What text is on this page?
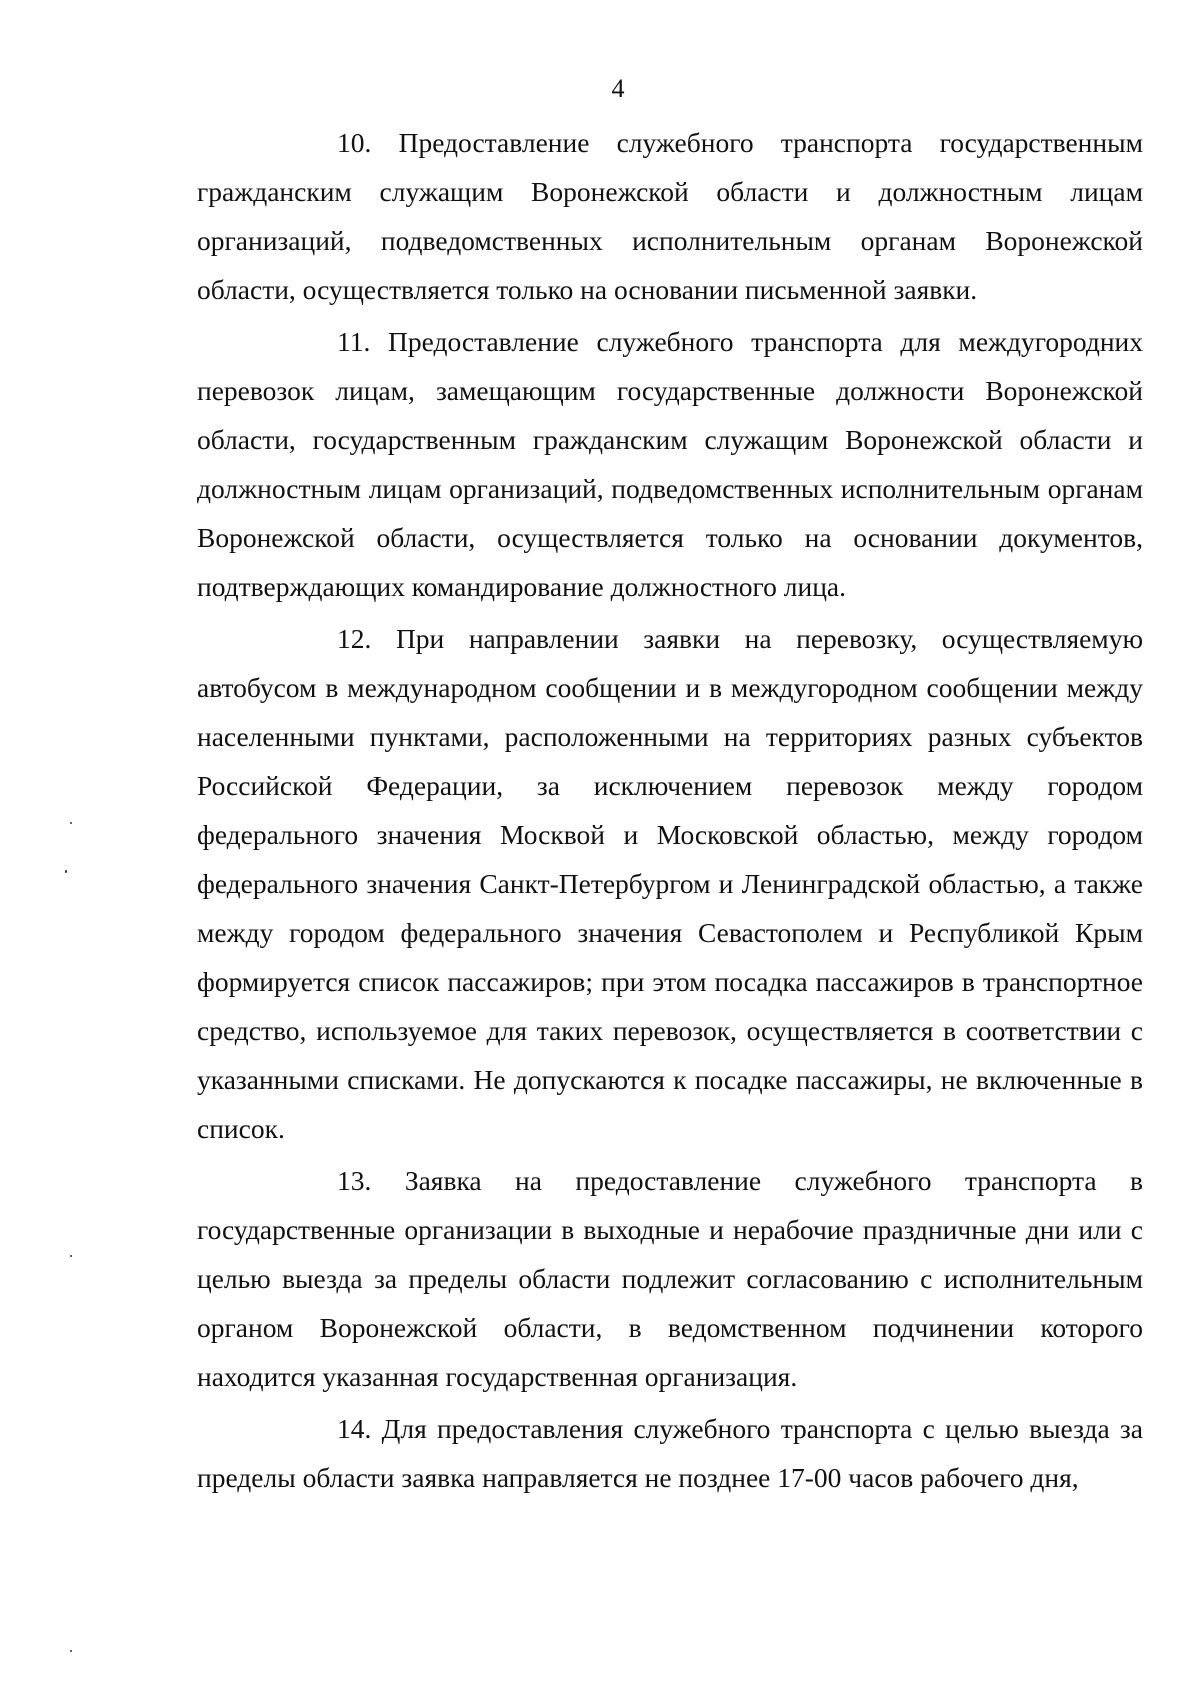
4

10. Предоставление служебного транспорта государственным гражданским служащим Воронежской области и должностным лицам организаций, подведомственных исполнительным органам Воронежской области, осуществляется только на основании письменной заявки.

11. Предоставление служебного транспорта для междугородних перевозок лицам, замещающим государственные должности Воронежской области, государственным гражданским служащим Воронежской области и должностным лицам организаций, подведомственных исполнительным органам Воронежской области, осуществляется только на основании документов, подтверждающих командирование должностного лица.

12. При направлении заявки на перевозку, осуществляемую автобусом в международном сообщении и в междугородном сообщении между населенными пунктами, расположенными на территориях разных субъектов Российской Федерации, за исключением перевозок между городом федерального значения Москвой и Московской областью, между городом федерального значения Санкт-Петербургом и Ленинградской областью, а также между городом федерального значения Севастополем и Республикой Крым формируется список пассажиров; при этом посадка пассажиров в транспортное средство, используемое для таких перевозок, осуществляется в соответствии с указанными списками. Не допускаются к посадке пассажиры, не включенные в список.

13. Заявка на предоставление служебного транспорта в государственные организации в выходные и нерабочие праздничные дни или с целью выезда за пределы области подлежит согласованию с исполнительным органом Воронежской области, в ведомственном подчинении которого находится указанная государственная организация.

14. Для предоставления служебного транспорта с целью выезда за пределы области заявка направляется не позднее 17-00 часов рабочего дня,
